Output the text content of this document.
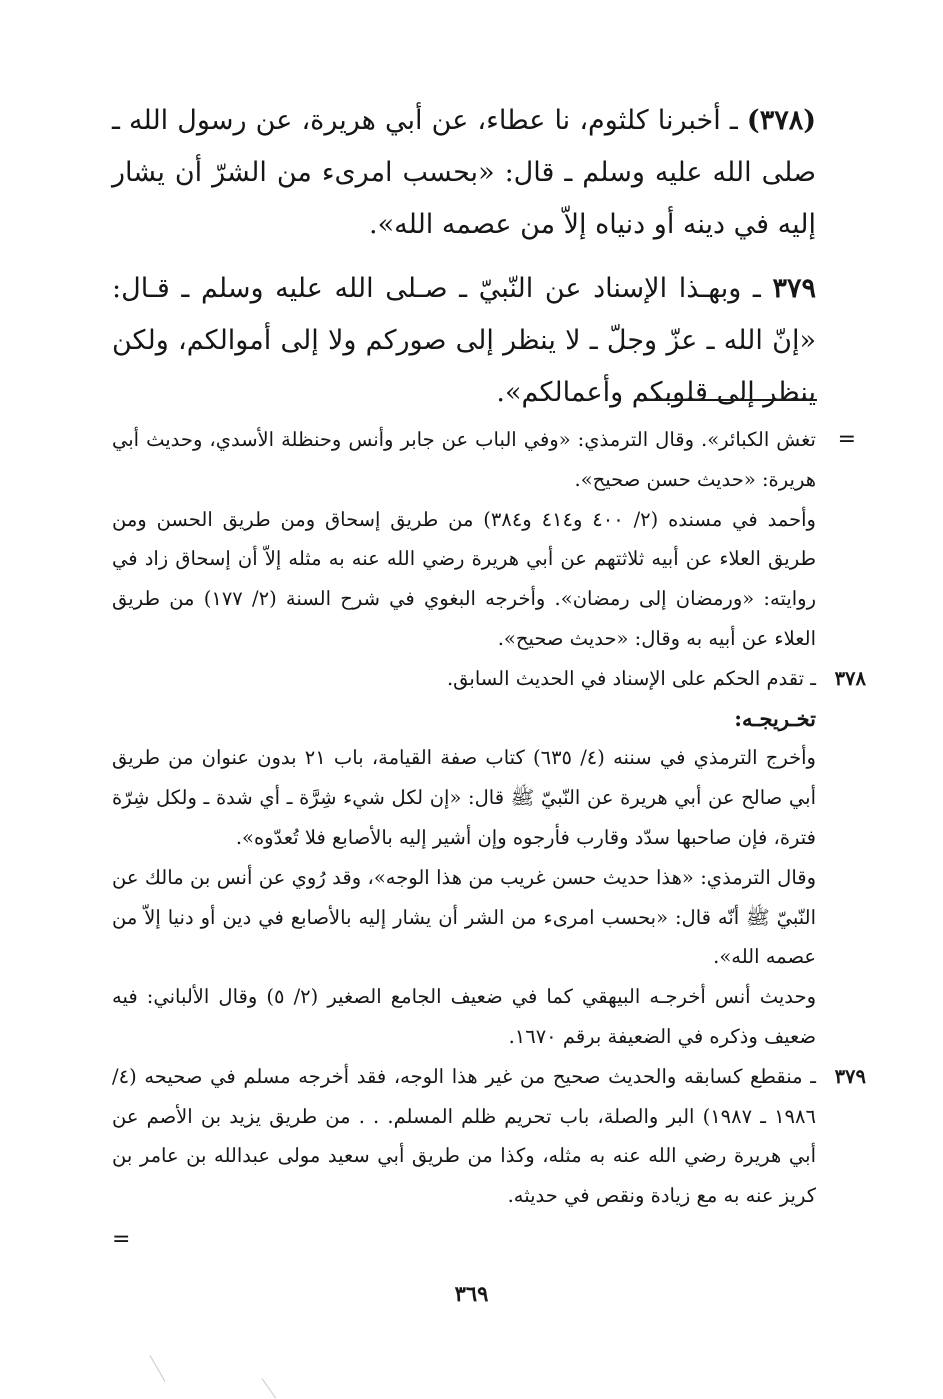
(٣٧٨) ـ أخبرنا كلثوم، نا عطاء، عن أبي هريرة، عن رسول الله ـ صلى الله عليه وسلم ـ قال: «بحسب امرىء من الشرّ أن يشار إليه في دينه أو دنياه إلاّ من عصمه الله».

٣٧٩ ـ وبهـذا الإسناد عن النّبيّ ـ صـلى الله عليه وسلم ـ قـال: «إنّ الله ـ عزّ وجلّ ـ لا ينظر إلى صوركم ولا إلى أموالكم، ولكن ينظر إلى قلوبكم وأعمالكم».

=

تغش الكبائر». وقال الترمذي: «وفي الباب عن جابر وأنس وحنظلة الأسدي، وحديث أبي هريرة: «حديث حسن صحيح».

وأحمد في مسنده (٢/ ٤٠٠ و٤١٤ و٣٨٤) من طريق إسحاق ومن طريق الحسن ومن طريق العلاء عن أبيه ثلاثتهم عن أبي هريرة رضي الله عنه به مثله إلاّ أن إسحاق زاد في روايته: «ورمضان إلى رمضان». وأخرجه البغوي في شرح السنة (٢/ ١٧٧) من طريق العلاء عن أبيه به وقال: «حديث صحيح».

٣٧٨

ـ تقدم الحكم على الإسناد في الحديث السابق.

تخـريجـه:

وأخرج الترمذي في سننه (٤/ ٦٣٥) كتاب صفة القيامة، باب ٢١ بدون عنوان من طريق أبي صالح عن أبي هريرة عن النّبيّ ﷺ قال: «إن لكل شيء شِرَّة ـ أي شدة ـ ولكل شِرّة فترة، فإن صاحبها سدّد وقارب فأرجوه وإن أشير إليه بالأصابع فلا تُعدّوه».

وقال الترمذي: «هذا حديث حسن غريب من هذا الوجه»، وقد رُوي عن أنس بن مالك عن النّبيّ ﷺ أنّه قال: «بحسب امرىء من الشر أن يشار إليه بالأصابع في دين أو دنيا إلاّ من عصمه الله».

وحديث أنس أخرجـه البيهقي كما في ضعيف الجامع الصغير (٢/ ٥) وقال الألباني: فيه ضعيف وذكره في الضعيفة برقم ١٦٧٠.

٣٧٩

ـ منقطع كسابقه والحديث صحيح من غير هذا الوجه، فقد أخرجه مسلم في صحيحه (٤/ ١٩٨٦ ـ ١٩٨٧) البر والصلة، باب تحريم ظلم المسلم. . . من طريق يزيد بن الأصم عن أبي هريرة رضي الله عنه به مثله، وكذا من طريق أبي سعيد مولى عبدالله بن عامر بن كريز عنه به مع زيادة ونقص في حديثه.

=
٣٦٩
